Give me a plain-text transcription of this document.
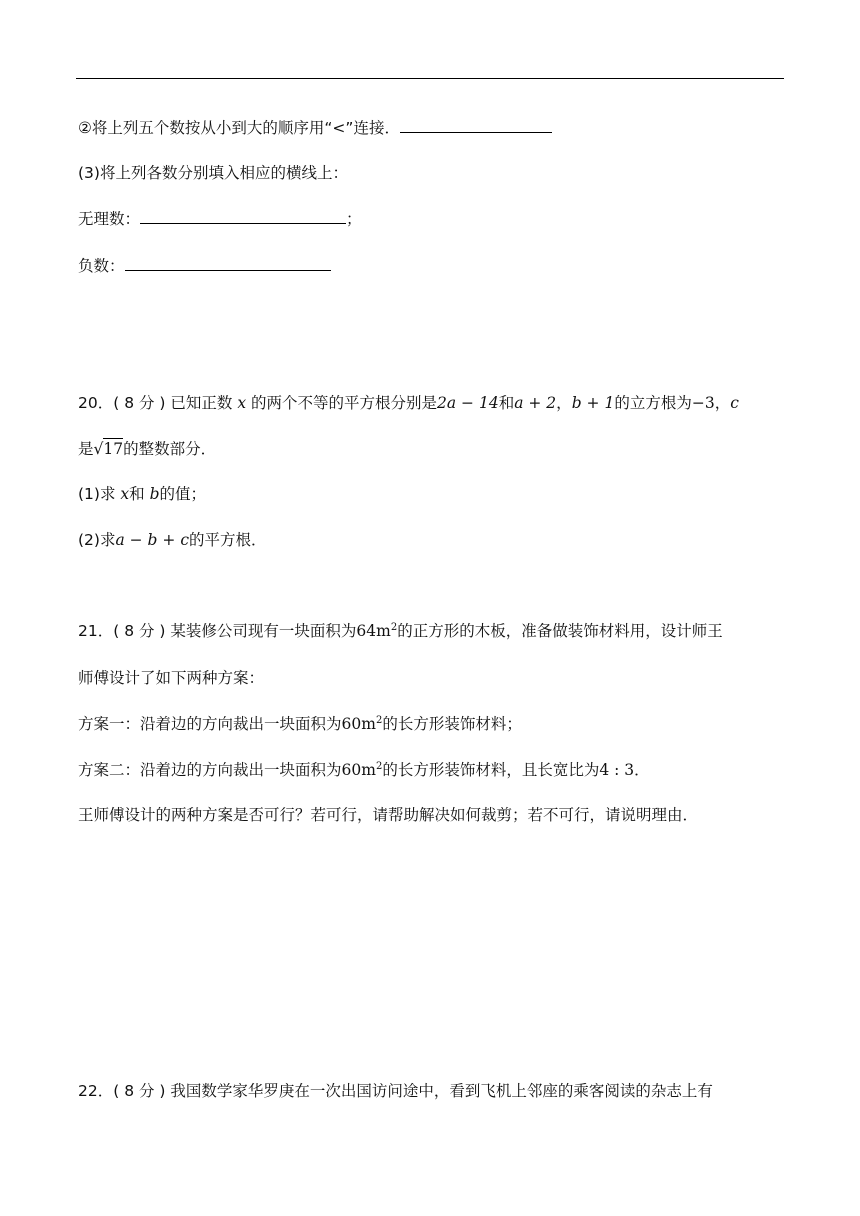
②将上列五个数按从小到大的顺序用“<”连接．
(3)将上列各数分别填入相应的横线上：
无理数：	；
负数：
20．( 8 分 ) 已知正数 x 的两个不等的平方根分别是2a − 14和a + 2，b + 1的立方根为−3，c
是√17的整数部分．
(1)求 x和 b的值；
(2)求a − b + c的平方根．
21．( 8 分 ) 某装修公司现有一块面积为$64m^2$的正方形的木板，准备做装饰材料用，设计师王
师傅设计了如下两种方案：
方案一：沿着边的方向裁出一块面积为$60m^2$的长方形装饰材料；
方案二：沿着边的方向裁出一块面积为$60m^2$的长方形装饰材料，且长宽比为4 : 3．
王师傅设计的两种方案是否可行？若可行，请帮助解决如何裁剪；若不可行，请说明理由．
22．( 8 分 ) 我国数学家华罗庚在一次出国访问途中，看到飞机上邻座的乘客阅读的杂志上有
